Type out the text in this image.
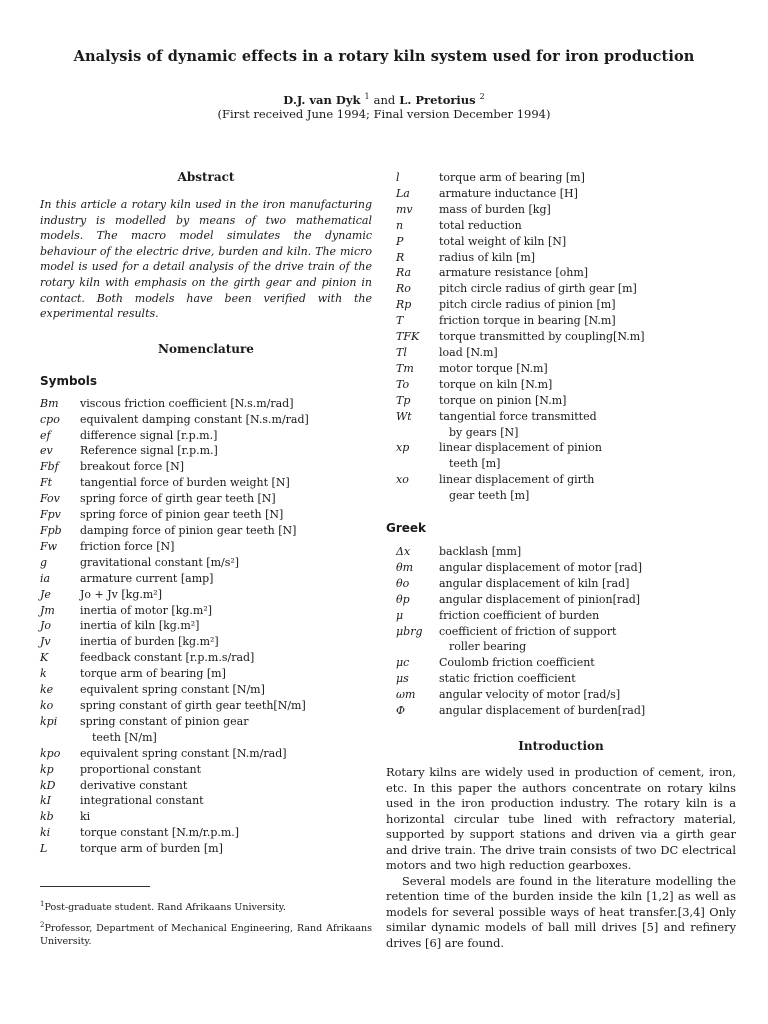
Analysis of dynamic effects in a rotary kiln system used for iron production
D.J. van Dyk $^1$ and L. Pretorius $^2$
(First received June 1994; Final version December 1994)
Abstract

In this article a rotary kiln used in the iron manufacturing industry is modelled by means of two mathematical models. The macro model simulates the dynamic behaviour of the electric drive, burden and kiln. The micro model is used for a detail analysis of the drive train of the rotary kiln with emphasis on the girth gear and pinion in contact. Both models have been verified with the experimental results.

Nomenclature
Symbols
Bm	viscous friction coefficient [N.s.m/rad]
cpo	equivalent damping constant [N.s.m/rad]
ef	difference signal [r.p.m.]
ev	Reference signal [r.p.m.]
Fbf	breakout force [N]
Ft	tangential force of burden weight [N]
Fov	spring force of girth gear teeth [N]
Fpv	spring force of pinion gear teeth [N]
Fpb	damping force of pinion gear teeth [N]
Fw	friction force [N]
g	gravitational constant [m/s²]
ia	armature current [amp]
Je	Jo + Jv [kg.m²]
Jm	inertia of motor [kg.m²]
Jo	inertia of kiln [kg.m²]
Jv	inertia of burden [kg.m²]
K	feedback constant [r.p.m.s/rad]
k	torque arm of bearing [m]
ke	equivalent spring constant [N/m]
ko	spring constant of girth gear teeth[N/m]
kpi	spring constant of pinion gear
teeth [N/m]
kpo	equivalent spring constant [N.m/rad]
kp	proportional constant
kD	derivative constant
kI	integrational constant
kb	ki
ki	torque constant [N.m/r.p.m.]
L	torque arm of burden [m]
l	torque arm of bearing [m]
La	armature inductance [H]
mv	mass of burden [kg]
n	total reduction
P	total weight of kiln [N]
R	radius of kiln [m]
Ra	armature resistance [ohm]
Ro	pitch circle radius of girth gear [m]
Rp	pitch circle radius of pinion [m]
T	friction torque in bearing [N.m]
TFK	torque transmitted by coupling[N.m]
Tl	load [N.m]
Tm	motor torque [N.m]
To	torque on kiln [N.m]
Tp	torque on pinion [N.m]
Wt	tangential force transmitted
by gears [N]
xp	linear displacement of pinion
teeth [m]
xo	linear displacement of girth
gear teeth [m]
Greek
Δx	backlash [mm]
θm	angular displacement of motor [rad]
θo	angular displacement of kiln [rad]
θp	angular displacement of pinion[rad]
μ	friction coefficient of burden
μbrg	coefficient of friction of support
roller bearing
μc	Coulomb friction coefficient
μs	static friction coefficient
ωm	angular velocity of motor [rad/s]
Φ	angular displacement of burden[rad]
Introduction

Rotary kilns are widely used in production of cement, iron, etc. In this paper the authors concentrate on rotary kilns used in the iron production industry. The rotary kiln is a horizontal circular tube lined with refractory material, supported by support stations and driven via a girth gear and drive train. The drive train consists of two DC electrical motors and two high reduction gearboxes.

Several models are found in the literature modelling the retention time of the burden inside the kiln [1,2] as well as models for several possible ways of heat transfer.[3,4] Only similar dynamic models of ball mill drives [5] and refinery drives [6] are found.

$^1$Post-graduate student. Rand Afrikaans University.

$^2$Professor, Department of Mechanical Engineering, Rand Afrikaans University.
